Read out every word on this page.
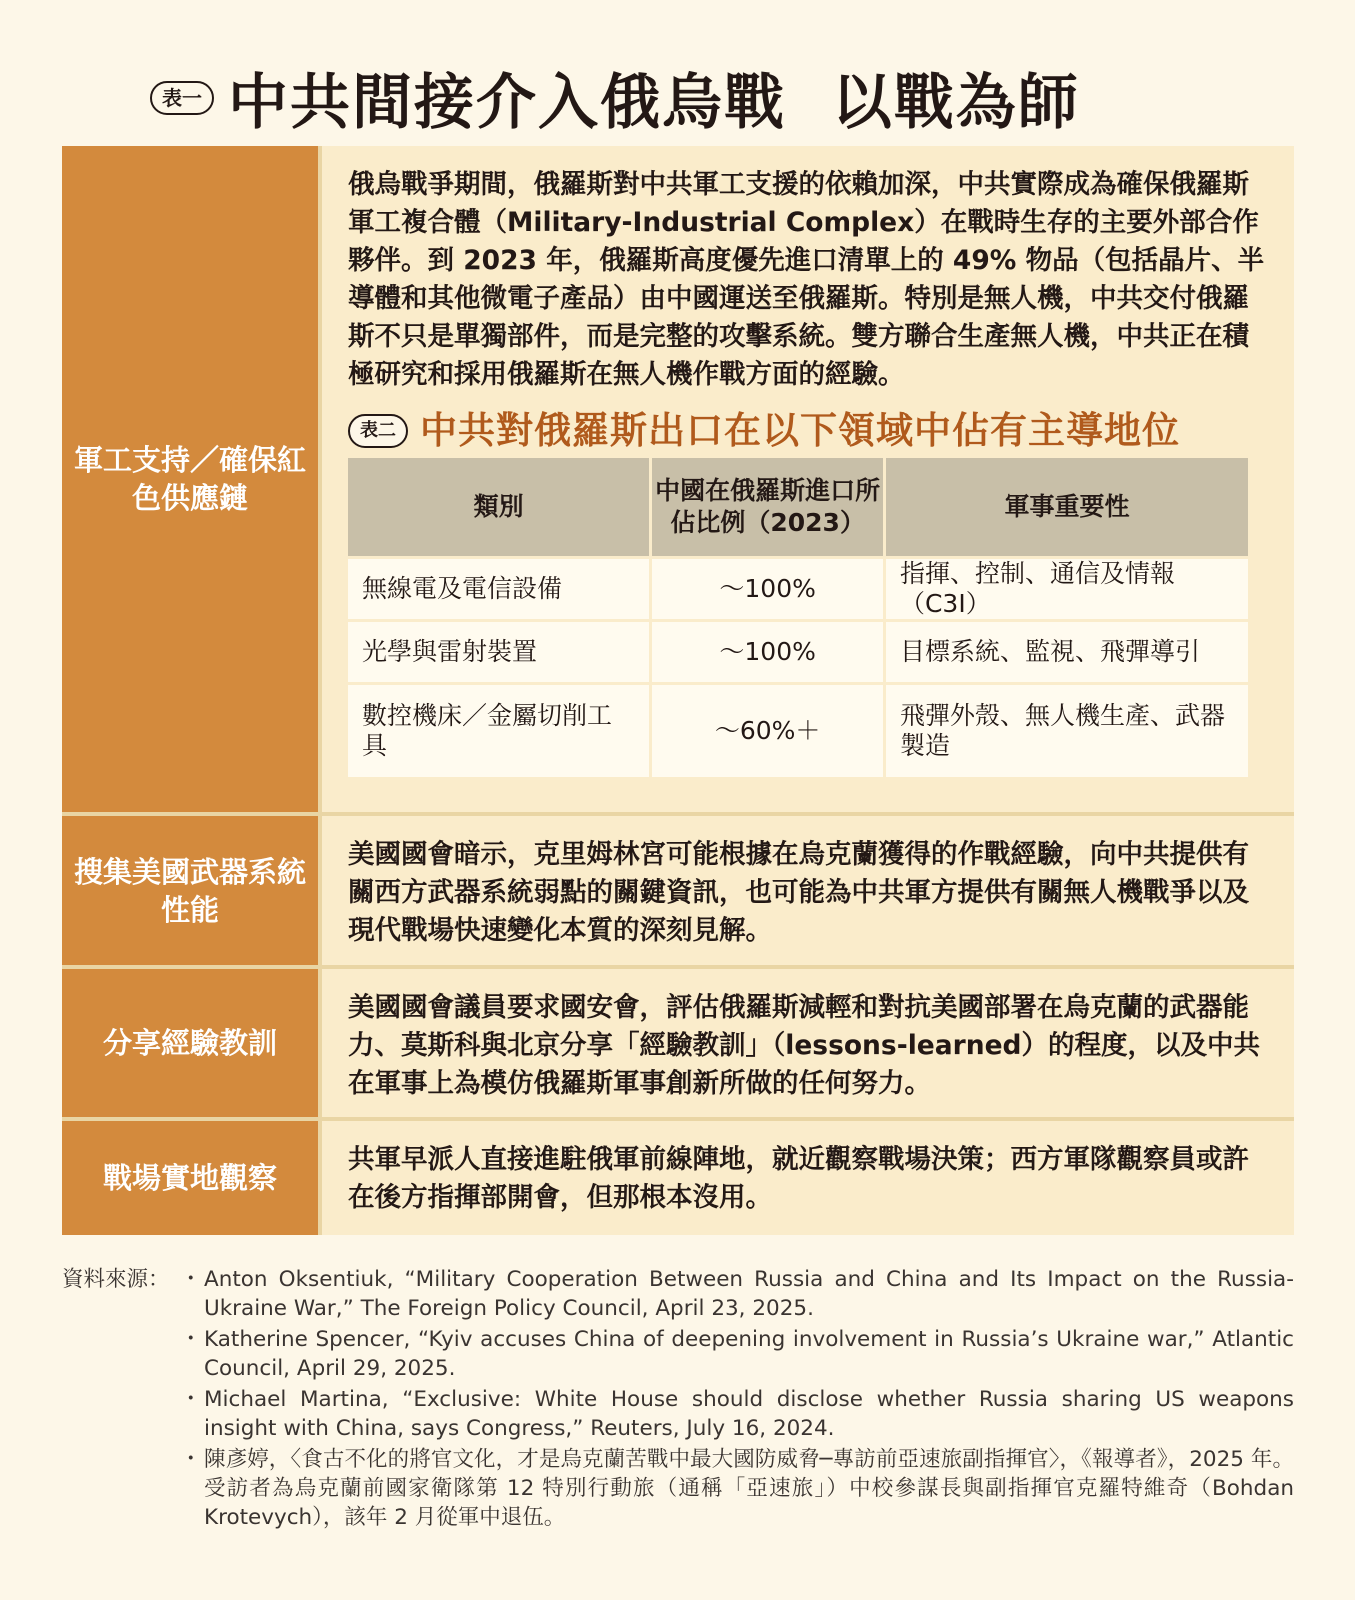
表一 中共間接介入俄烏戰  以戰為師
軍工支持／確保紅色供應鏈
俄烏戰爭期間，俄羅斯對中共軍工支援的依賴加深，中共實際成為確保俄羅斯軍工複合體（Military-Industrial Complex）在戰時生存的主要外部合作夥伴。到 2023 年，俄羅斯高度優先進口清單上的 49% 物品（包括晶片、半導體和其他微電子產品）由中國運送至俄羅斯。特別是無人機，中共交付俄羅斯不只是單獨部件，而是完整的攻擊系統。雙方聯合生產無人機，中共正在積極研究和採用俄羅斯在無人機作戰方面的經驗。
表二 中共對俄羅斯出口在以下領域中佔有主導地位
類別	中國在俄羅斯進口所佔比例（2023）	軍事重要性
無線電及電信設備	～100%	指揮、控制、通信及情報（C3I）
光學與雷射裝置	～100%	目標系統、監視、飛彈導引
數控機床／金屬切削工具	～60%＋	飛彈外殼、無人機生產、武器製造
搜集美國武器系統性能
美國國會暗示，克里姆林宮可能根據在烏克蘭獲得的作戰經驗，向中共提供有關西方武器系統弱點的關鍵資訊，也可能為中共軍方提供有關無人機戰爭以及現代戰場快速變化本質的深刻見解。
分享經驗教訓
美國國會議員要求國安會，評估俄羅斯減輕和對抗美國部署在烏克蘭的武器能力、莫斯科與北京分享「經驗教訓」（lessons-learned）的程度，以及中共在軍事上為模仿俄羅斯軍事創新所做的任何努力。
戰場實地觀察
共軍早派人直接進駐俄軍前線陣地，就近觀察戰場決策；西方軍隊觀察員或許在後方指揮部開會，但那根本沒用。
資料來源：	・ Anton Oksentiuk, “Military Cooperation Between Russia and China and Its Impact on the Russia-Ukraine War,” The Foreign Policy Council, April 23, 2025.
・ Katherine Spencer, “Kyiv accuses China of deepening involvement in Russia’s Ukraine war,” Atlantic Council, April 29, 2025.
・ Michael Martina, “Exclusive: White House should disclose whether Russia sharing US weapons insight with China, says Congress,” Reuters, July 16, 2024.
・ 陳彥婷，〈食古不化的將官文化，才是烏克蘭苦戰中最大國防威脅─專訪前亞速旅副指揮官〉，《報導者》，2025 年。受訪者為烏克蘭前國家衛隊第 12 特別行動旅（通稱「亞速旅」）中校參謀長與副指揮官克羅特維奇（Bohdan Krotevych），該年 2 月從軍中退伍。
